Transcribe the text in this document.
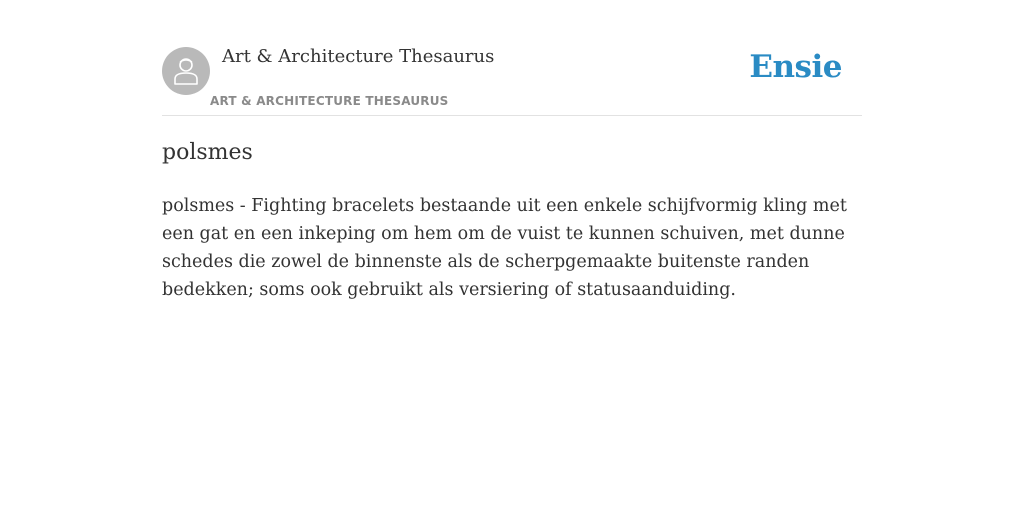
Art & Architecture Thesaurus
ART & ARCHITECTURE THESAURUS
Ensie
polsmes

polsmes - Fighting bracelets bestaande uit een enkele schijfvormig kling met een gat en een inkeping om hem om de vuist te kunnen schuiven, met dunne schedes die zowel de binnenste als de scherpgemaakte buitenste randen bedekken; soms ook gebruikt als versiering of statusaanduiding.
